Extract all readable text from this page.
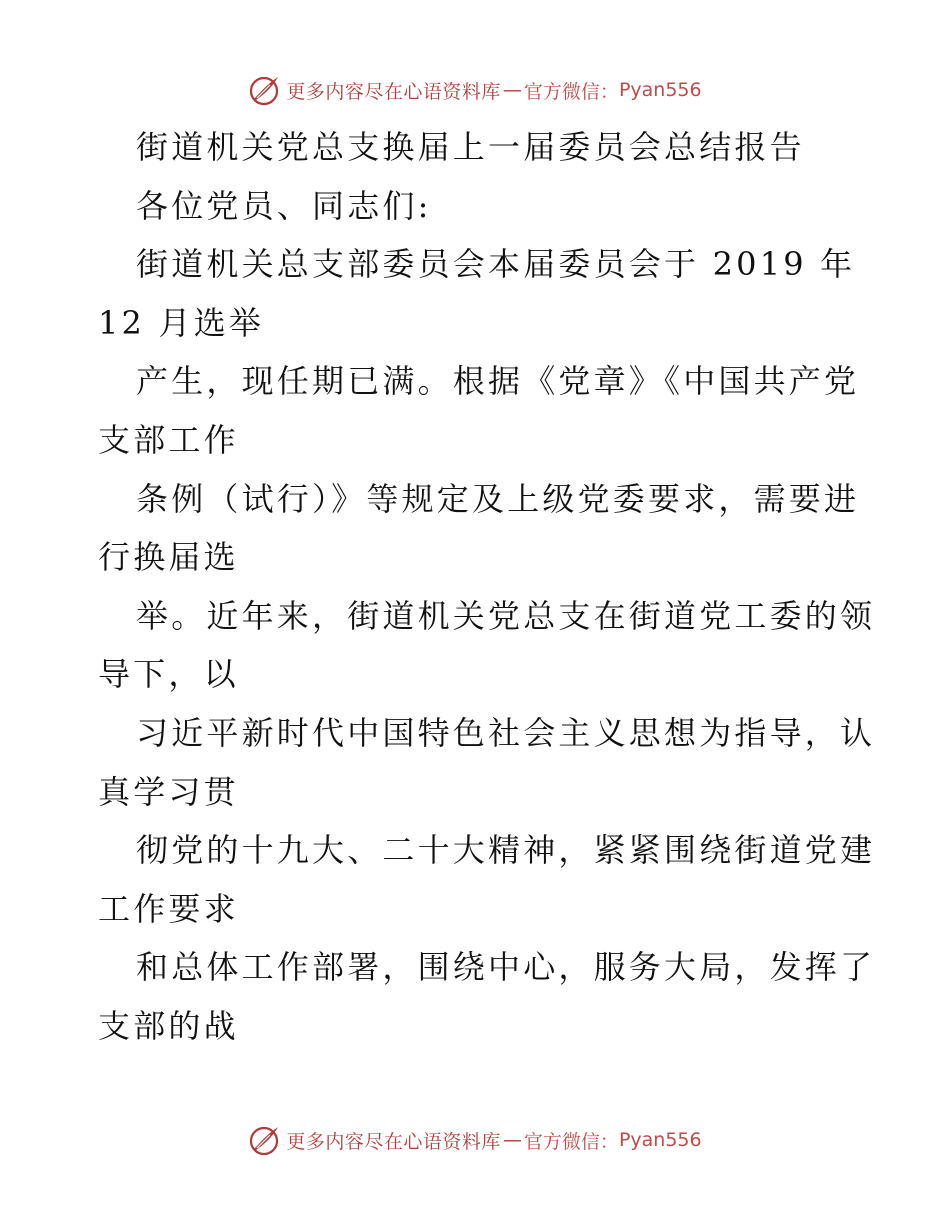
更多内容尽在心语资料库 — 官方微信： Pyan556
街道机关党总支换届上一届委员会总结报告
各位党员、同志们:
街道机关总支部委员会本届委员会于 2019 年
12 月选举
产生，现任期已满。根据《党章》《中国共产党
支部工作
条例（试行）》等规定及上级党委要求，需要进
行换届选
举。近年来，街道机关党总支在街道党工委的领
导下，以
习近平新时代中国特色社会主义思想为指导，认
真学习贯
彻党的十九大、二十大精神，紧紧围绕街道党建
工作要求
和总体工作部署，围绕中心，服务大局，发挥了
支部的战
更多内容尽在心语资料库 — 官方微信： Pyan556
